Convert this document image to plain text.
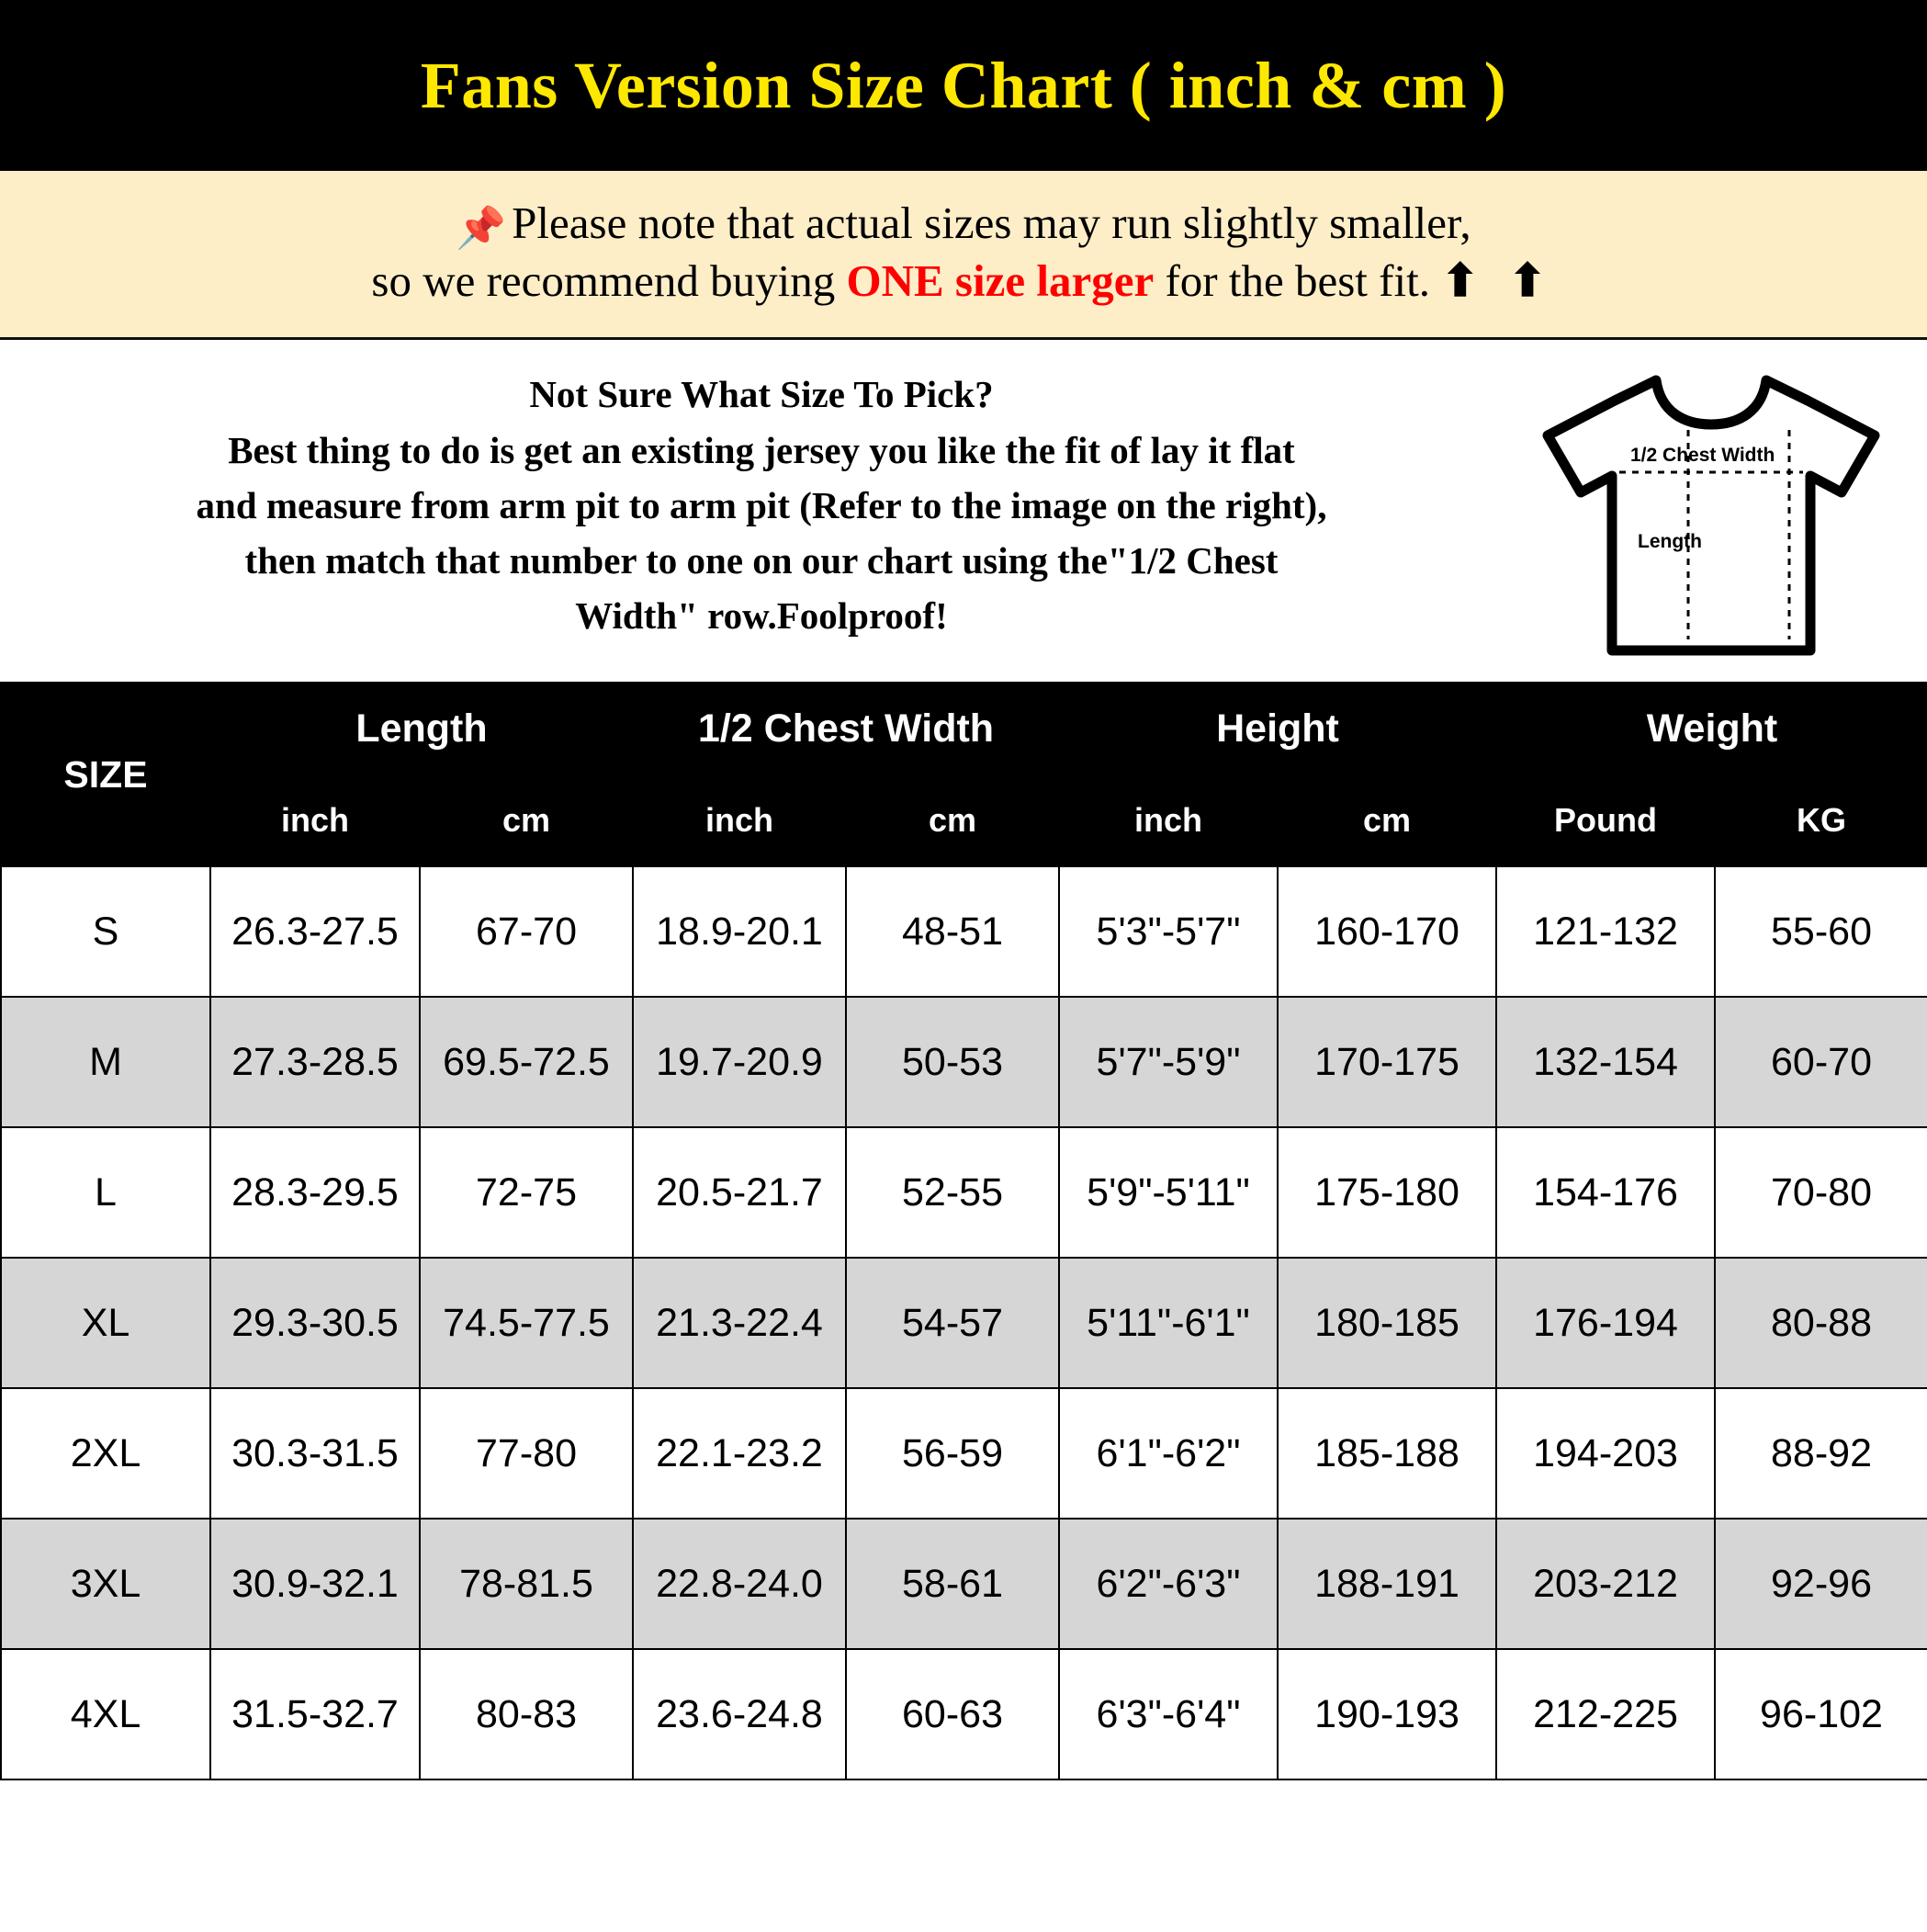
Fans Version Size Chart ( inch & cm )
📌 Please note that actual sizes may run slightly smaller,
so we recommend buying ONE size larger for the best fit. ⬆ ⬆
Not Sure What Size To Pick?
Best thing to do is get an existing jersey you like the fit of lay it flat
and measure from arm pit to arm pit (Refer to the image on the right),
then match that number to one on our chart using the"1/2 Chest
Width" row.Foolproof!
1/2 Chest Width
Length
SIZE	Length		1/2 Chest Width		Height		Weight	
	inch	cm	inch	cm	inch	cm	Pound	KG
S	26.3-27.5	67-70	18.9-20.1	48-51	5'3"-5'7"	160-170	121-132	55-60
M	27.3-28.5	69.5-72.5	19.7-20.9	50-53	5'7"-5'9"	170-175	132-154	60-70
L	28.3-29.5	72-75	20.5-21.7	52-55	5'9"-5'11"	175-180	154-176	70-80
XL	29.3-30.5	74.5-77.5	21.3-22.4	54-57	5'11"-6'1"	180-185	176-194	80-88
2XL	30.3-31.5	77-80	22.1-23.2	56-59	6'1"-6'2"	185-188	194-203	88-92
3XL	30.9-32.1	78-81.5	22.8-24.0	58-61	6'2"-6'3"	188-191	203-212	92-96
4XL	31.5-32.7	80-83	23.6-24.8	60-63	6'3"-6'4"	190-193	212-225	96-102
